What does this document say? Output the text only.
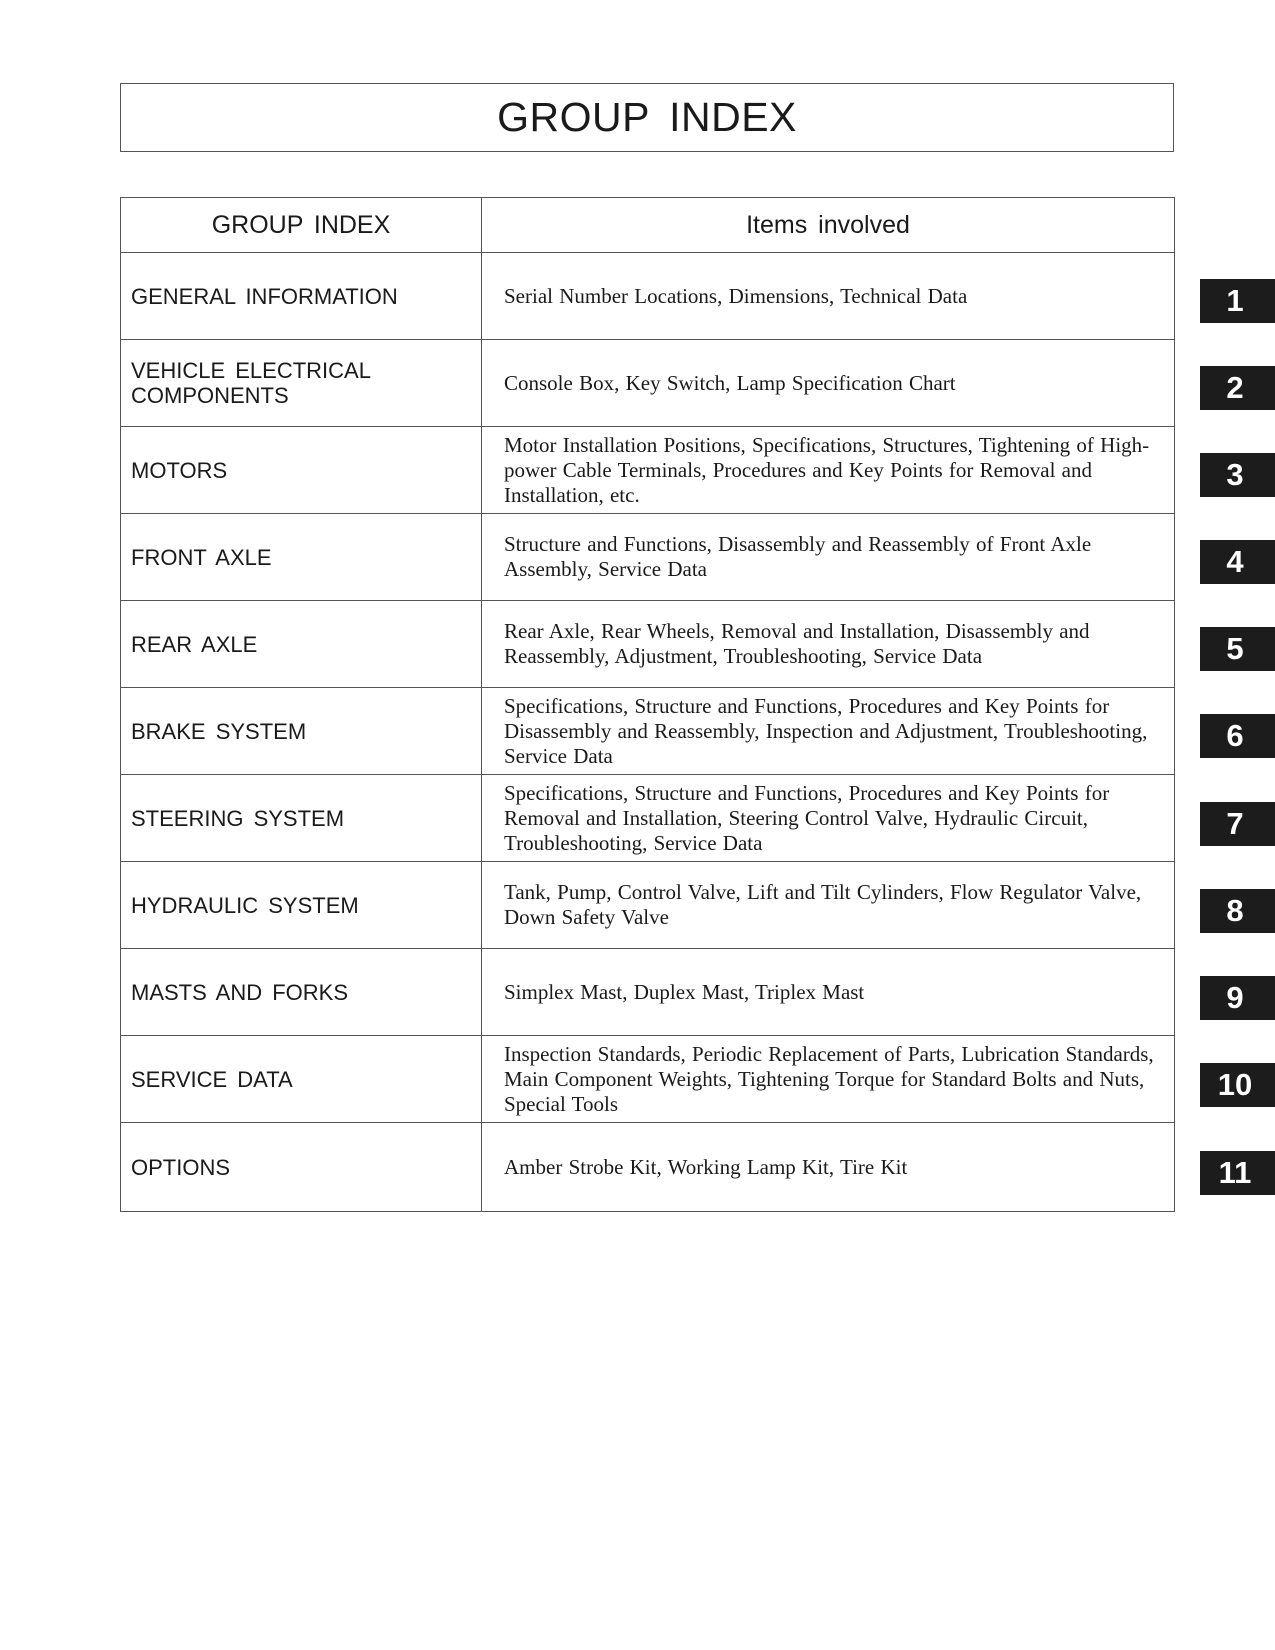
GROUP INDEX
GROUP INDEX	Items involved
GENERAL INFORMATION	Serial Number Locations, Dimensions, Technical Data
VEHICLE ELECTRICAL COMPONENTS	Console Box, Key Switch, Lamp Specification Chart
MOTORS	Motor Installation Positions, Specifications, Structures, Tightening of High-power Cable Terminals, Procedures and Key Points for Removal and Installation, etc.
FRONT AXLE	Structure and Functions, Disassembly and Reassembly of Front Axle Assembly, Service Data
REAR AXLE	Rear Axle, Rear Wheels, Removal and Installation, Disassembly and Reassembly, Adjustment, Troubleshooting, Service Data
BRAKE SYSTEM	Specifications, Structure and Functions, Procedures and Key Points for Disassembly and Reassembly, Inspection and Adjustment, Troubleshooting, Service Data
STEERING SYSTEM	Specifications, Structure and Functions, Procedures and Key Points for Removal and Installation, Steering Control Valve, Hydraulic Circuit, Troubleshooting, Service Data
HYDRAULIC SYSTEM	Tank, Pump, Control Valve, Lift and Tilt Cylinders, Flow Regulator Valve, Down Safety Valve
MASTS AND FORKS	Simplex Mast, Duplex Mast, Triplex Mast
SERVICE DATA	Inspection Standards, Periodic Replacement of Parts, Lubrication Standards, Main Component Weights, Tightening Torque for Standard Bolts and Nuts, Special Tools
OPTIONS	Amber Strobe Kit, Working Lamp Kit, Tire Kit
1
2
3
4
5
6
7
8
9
10
11
